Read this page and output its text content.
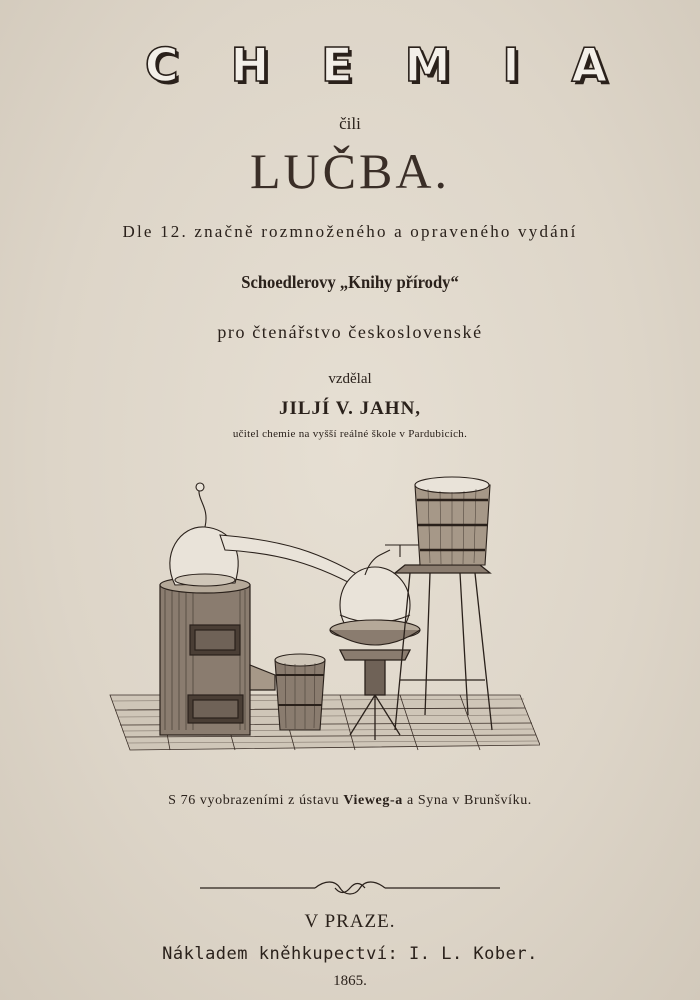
CHEMIA
čili
LUČBA.
Dle 12. značně rozmnoženého a opraveného vydání
Schoedlerovy „Knihy přírody“
pro čtenářstvo československé
vzdělal
JILJÍ V. JAHN,
učitel chemie na vyšší reálné škole v Pardubicích.
S 76 vyobrazeními z ústavu Vieweg-a a Syna v Brunšvíku.
V PRAZE.
Nákladem kněhkupectví: I. L. Kober.
1865.
